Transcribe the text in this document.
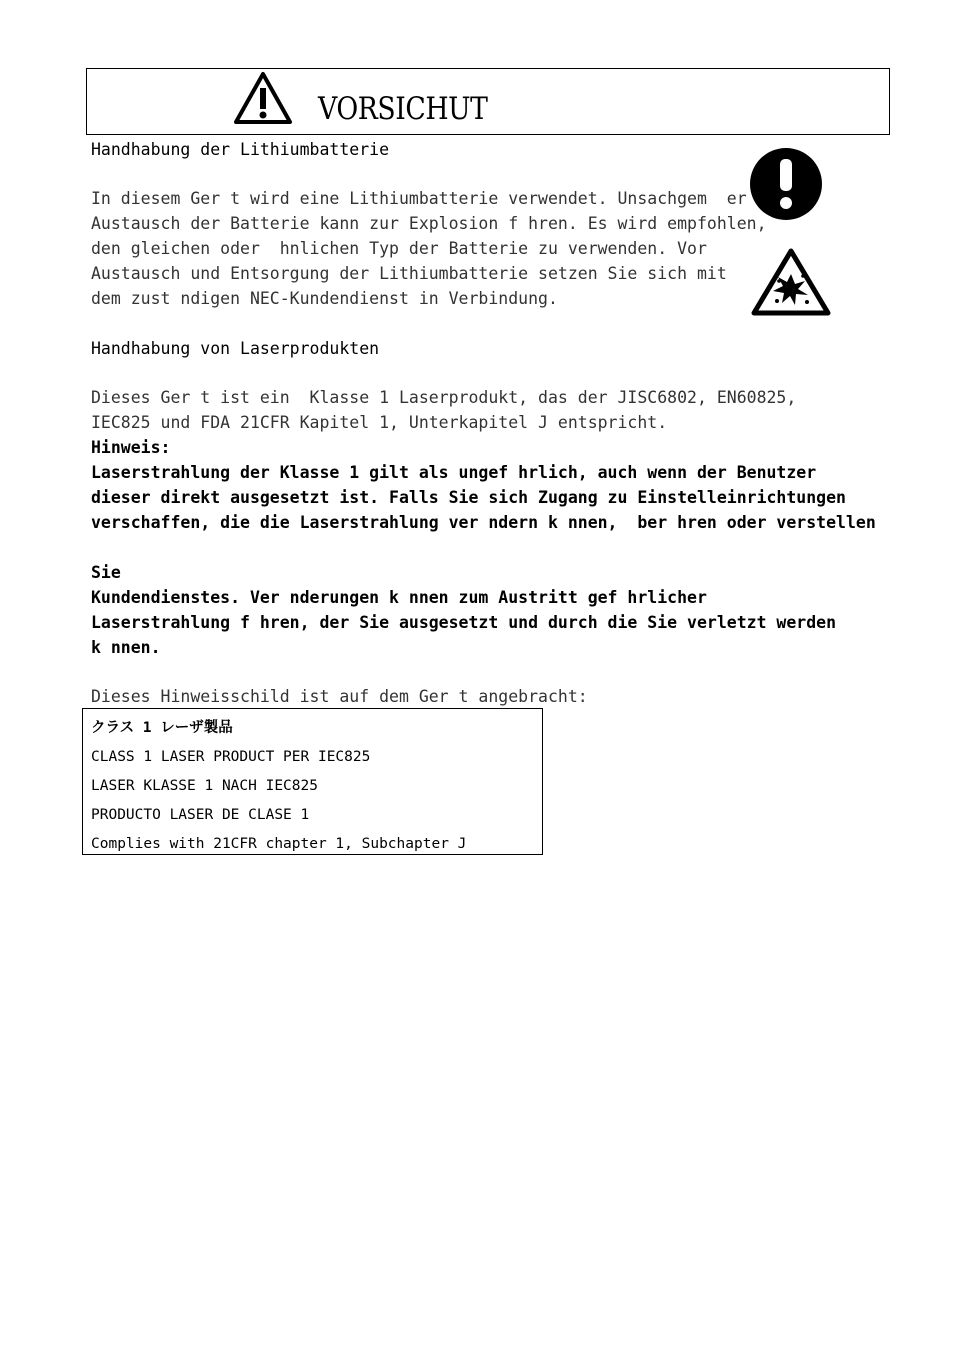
VORSICHUT
Handhabung der Lithiumbatterie
In diesem Ger t wird eine Lithiumbatterie verwendet. Unsachgem  er
Austausch der Batterie kann zur Explosion f hren. Es wird empfohlen,
den gleichen oder  hnlichen Typ der Batterie zu verwenden. Vor
Austausch und Entsorgung der Lithiumbatterie setzen Sie sich mit
dem zust ndigen NEC-Kundendienst in Verbindung.
Handhabung von Laserprodukten
Dieses Ger t ist ein  Klasse 1 Laserprodukt, das der JISC6802, EN60825,
IEC825 und FDA 21CFR Kapitel 1, Unterkapitel J entspricht.
Hinweis:
Laserstrahlung der Klasse 1 gilt als ungef hrlich, auch wenn der Benutzer
dieser direkt ausgesetzt ist. Falls Sie sich Zugang zu Einstelleinrichtungen
verschaffen, die die Laserstrahlung ver ndern k nnen,  ber hren oder verstellen
Sie
Kundendienstes. Ver nderungen k nnen zum Austritt gef hrlicher
Laserstrahlung f hren, der Sie ausgesetzt und durch die Sie verletzt werden
k nnen.
Dieses Hinweisschild ist auf dem Ger t angebracht:
クラス 1 レーザ製品
CLASS 1 LASER PRODUCT PER IEC825
LASER KLASSE 1 NACH IEC825
PRODUCTO LASER DE CLASE 1
Complies with 21CFR chapter 1, Subchapter J
